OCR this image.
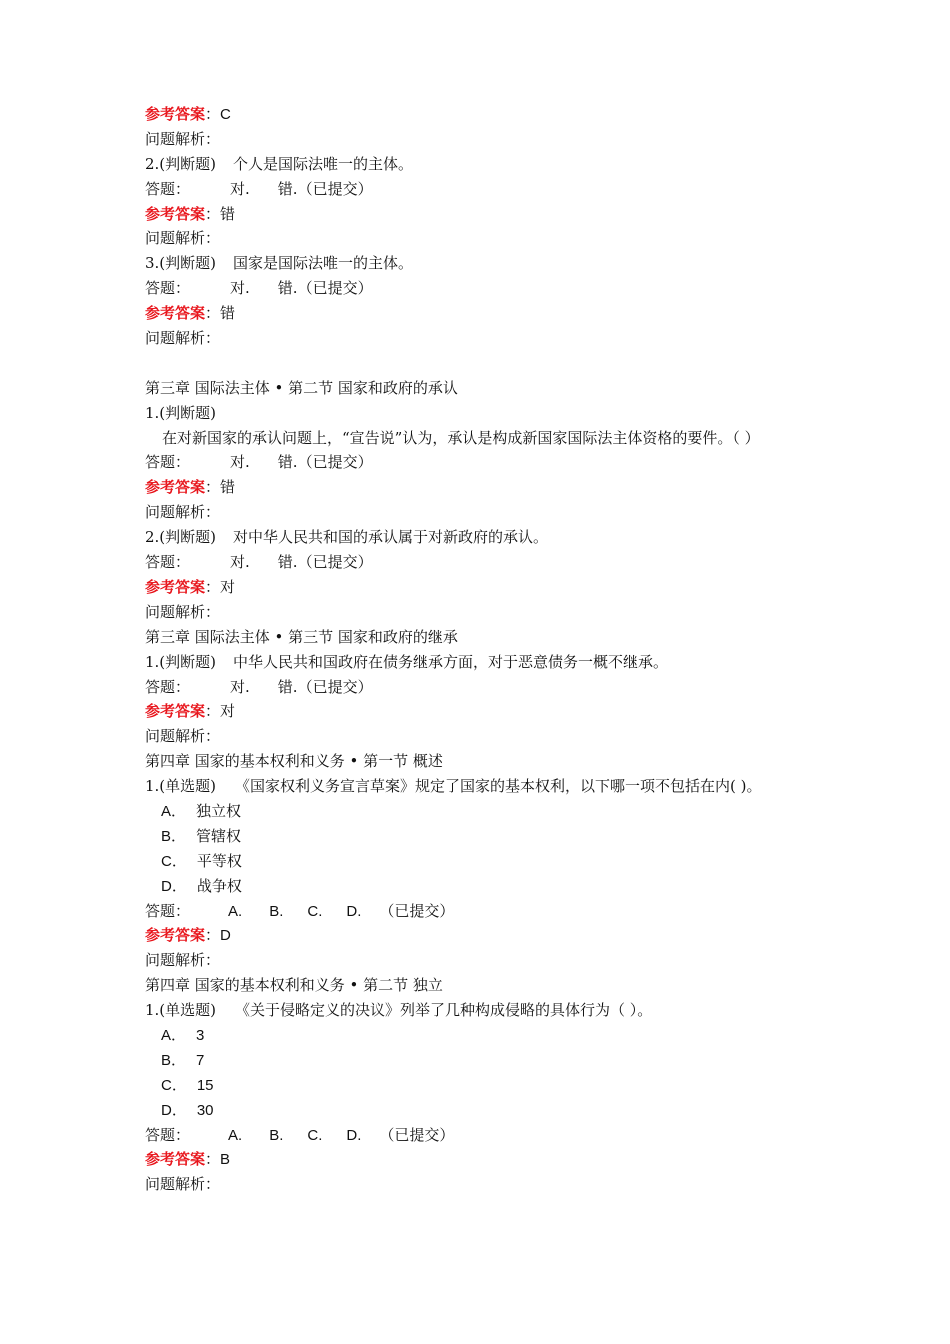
参考答案：C
问题解析：
2.(判断题) 个人是国际法唯一的主体。
答题：	对. 错.（已提交）
参考答案：错
问题解析：
3.(判断题) 国家是国际法唯一的主体。
答题：	对. 错.（已提交）
参考答案：错
问题解析：
第三章 国际法主体 • 第二节 国家和政府的承认
1.(判断题)在对新国家的承认问题上，“宣告说”认为，承认是构成新国家国际法主体资格的要件。（ ）
答题：	对. 错.（已提交）
参考答案：错
问题解析：
2.(判断题) 对中华人民共和国的承认属于对新政府的承认。
答题：	对. 错.（已提交）
参考答案：对
问题解析：
第三章 国际法主体 • 第三节 国家和政府的继承
1.(判断题) 中华人民共和国政府在债务继承方面，对于恶意债务一概不继承。
答题：	对. 错.（已提交）
参考答案：对
问题解析：
第四章 国家的基本权利和义务 • 第一节 概述
1.(单选题) 《国家权利义务宣言草案》规定了国家的基本权利，以下哪一项不包括在内( )。
A． 独立权
B． 管辖权
C． 平等权
D． 战争权
答题：	A. B. C. D. （已提交）
参考答案：D
问题解析：
第四章 国家的基本权利和义务 • 第二节 独立
1.(单选题) 《关于侵略定义的决议》列举了几种构成侵略的具体行为（ ）。
A． 3
B． 7
C． 15
D． 30
答题：	A. B. C. D. （已提交）
参考答案：B
问题解析：
